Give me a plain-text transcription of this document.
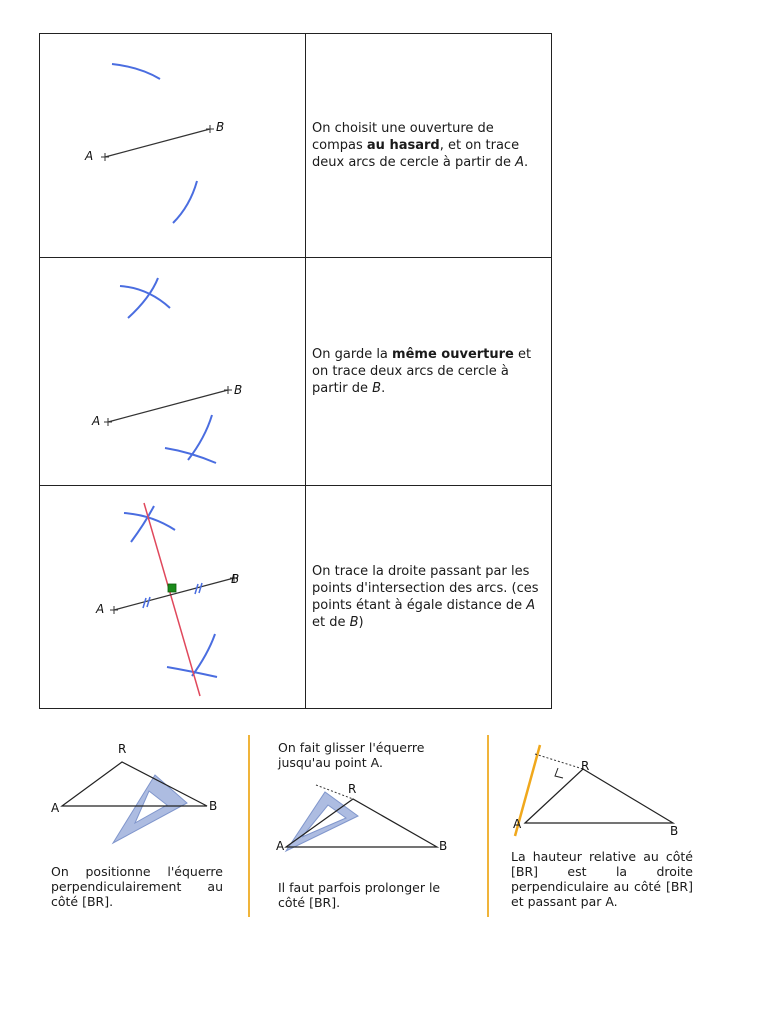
A
B	On choisit une ouverture de compas au hasard, et on trace deux arcs de cercle à partir de A.

A
B

On garde la même ouverture et on trace deux arcs de cercle à partir de B.

A
B	On trace la droite passant par les points d'intersection des arcs. (ces points étant à égale distance de A et de B)

R
A	B
On positionne l'équerre perpendiculairement au côté [BR].
On fait glisser l'équerre jusqu'au point A.
R
A	B
Il faut parfois prolonger le côté [BR].
R
A	B
La hauteur relative au côté [BR] est la droite perpendiculaire au côté [BR] et passant par A.
